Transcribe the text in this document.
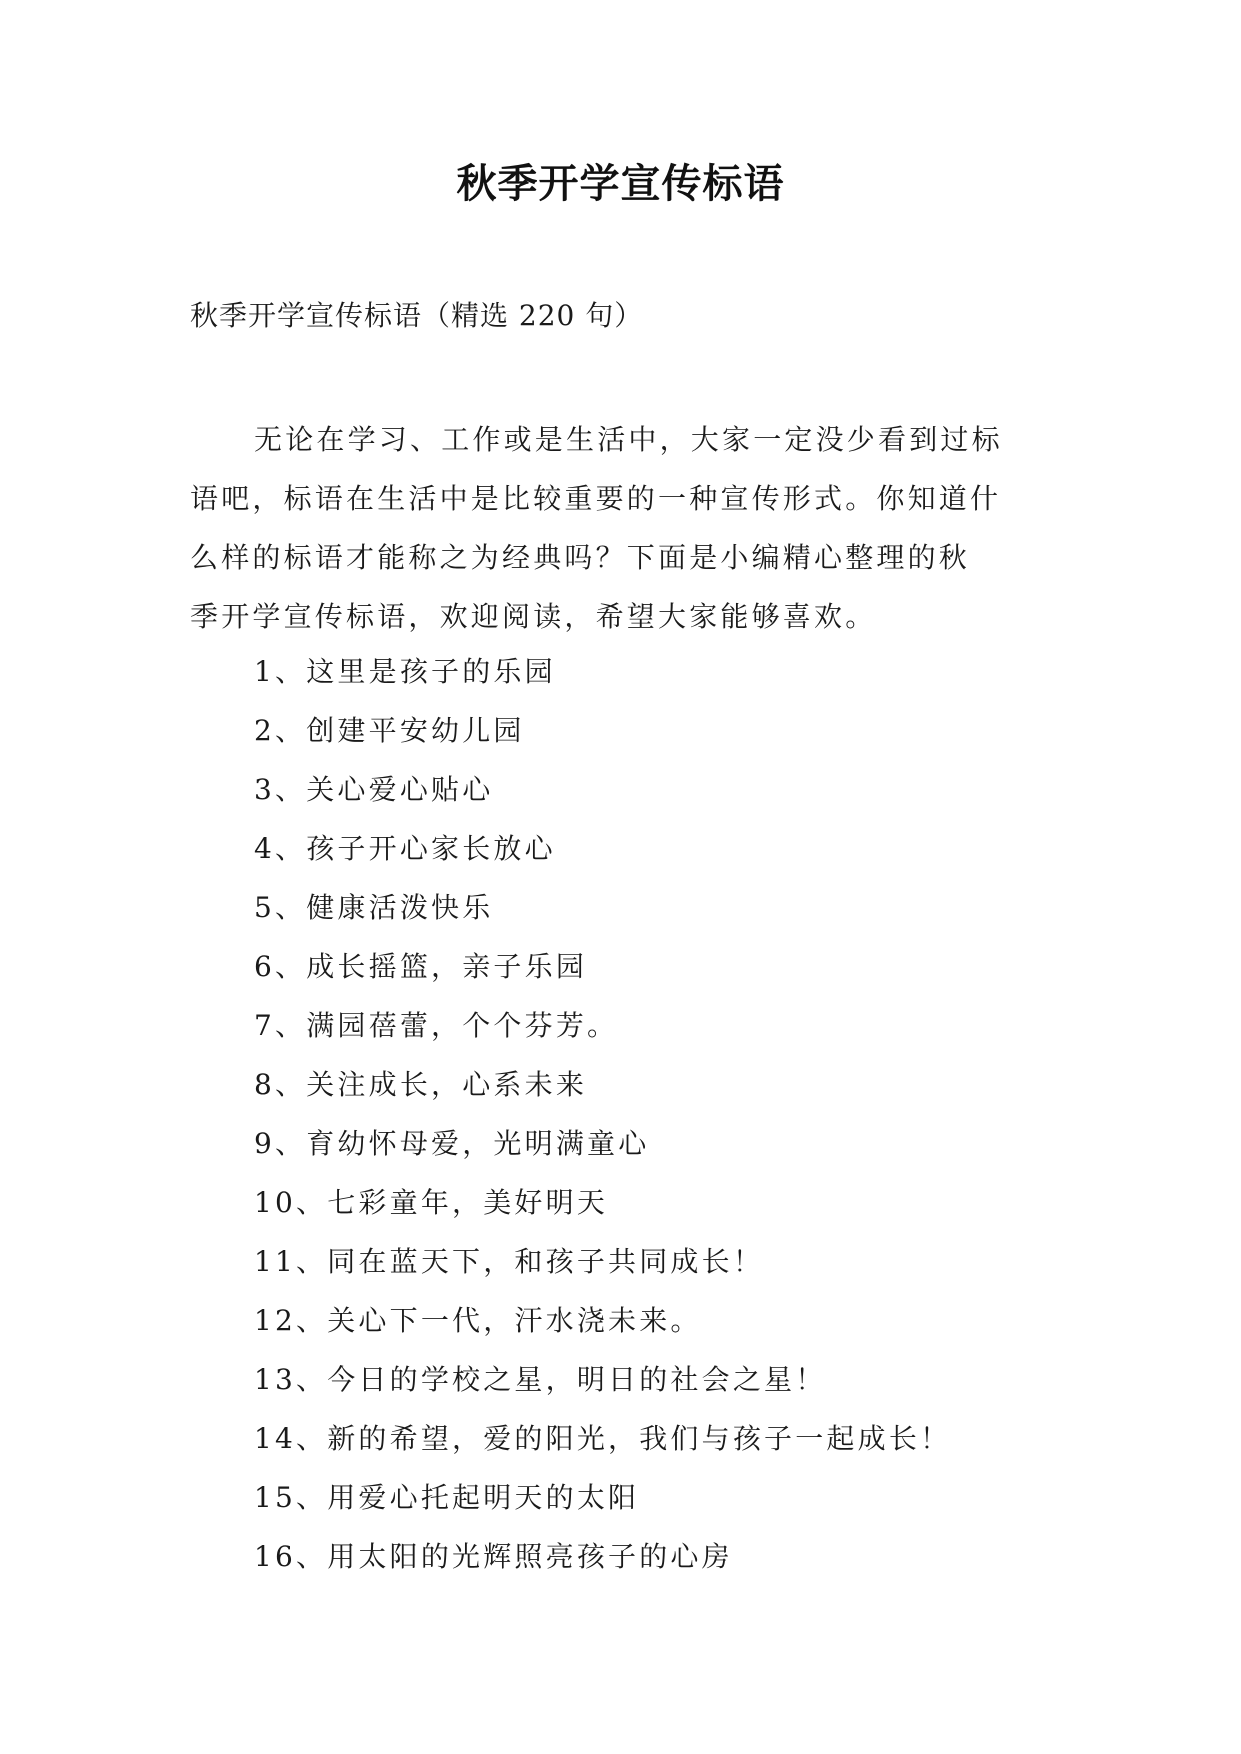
秋季开学宣传标语
秋季开学宣传标语（精选 220 句）
无论在学习、工作或是生活中，大家一定没少看到过标
语吧，标语在生活中是比较重要的一种宣传形式。你知道什
么样的标语才能称之为经典吗？下面是小编精心整理的秋
季开学宣传标语，欢迎阅读，希望大家能够喜欢。
1、这里是孩子的乐园
2、创建平安幼儿园
3、关心爱心贴心
4、孩子开心家长放心
5、健康活泼快乐
6、成长摇篮，亲子乐园
7、满园蓓蕾，个个芬芳。
8、关注成长，心系未来
9、育幼怀母爱，光明满童心
10、七彩童年，美好明天
11、同在蓝天下，和孩子共同成长！
12、关心下一代，汗水浇未来。
13、今日的学校之星，明日的社会之星！
14、新的希望，爱的阳光，我们与孩子一起成长！
15、用爱心托起明天的太阳
16、用太阳的光辉照亮孩子的心房
